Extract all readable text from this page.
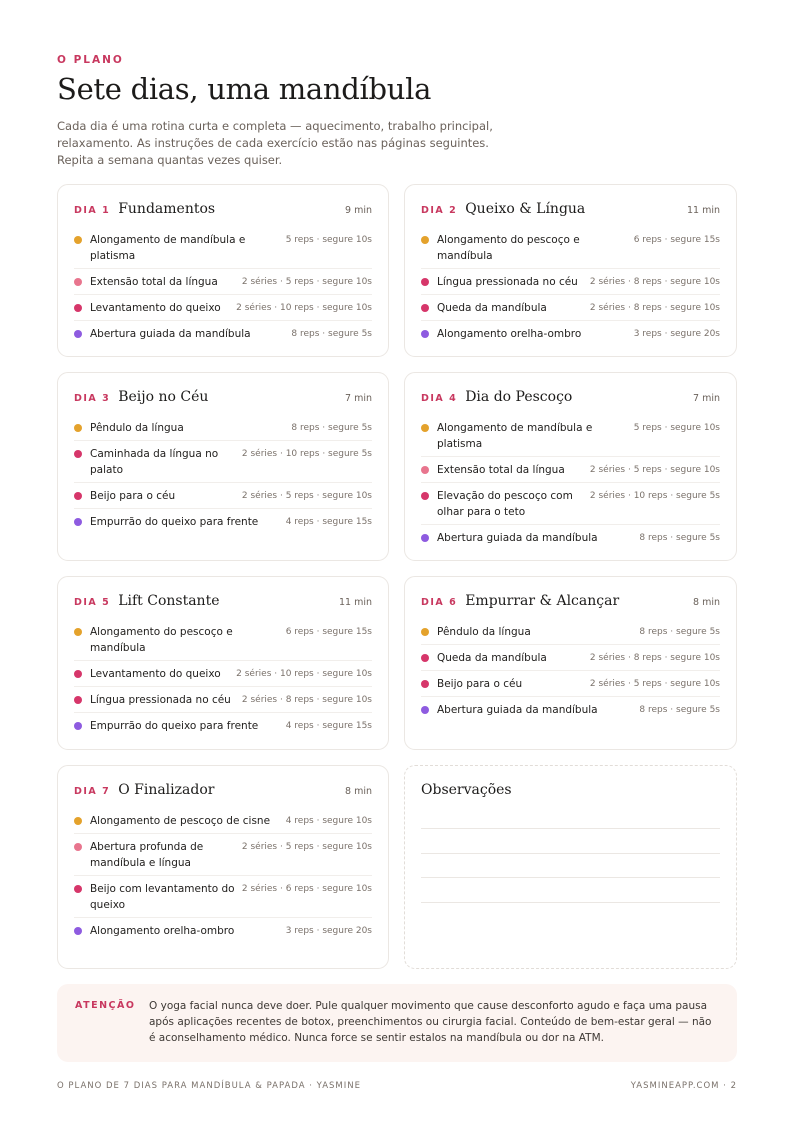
O PLANO
Sete dias, uma mandíbula

Cada dia é uma rotina curta e completa — aquecimento, trabalho principal, relaxamento. As instruções de cada exercício estão nas páginas seguintes. Repita a semana quantas vezes quiser.

DIA 1 Fundamentos	9 min
Alongamento de mandíbula e platisma
5 reps · segure 10s
Extensão total da língua	2 séries · 5 reps · segure 10s
Levantamento do queixo	2 séries · 10 reps · segure 10s
Abertura guiada da mandíbula	8 reps · segure 5s
DIA 2 Queixo & Língua	11 min
Alongamento do pescoço e mandíbula
6 reps · segure 15s
Língua pressionada no céu	2 séries · 8 reps · segure 10s
Queda da mandíbula	2 séries · 8 reps · segure 10s
Alongamento orelha-ombro	3 reps · segure 20s
DIA 3 Beijo no Céu	7 min
Pêndulo da língua	8 reps · segure 5s
Caminhada da língua no palato
2 séries · 10 reps · segure 5s
Beijo para o céu	2 séries · 5 reps · segure 10s
Empurrão do queixo para frente	4 reps · segure 15s
DIA 4 Dia do Pescoço	7 min
Alongamento de mandíbula e platisma
5 reps · segure 10s
Extensão total da língua	2 séries · 5 reps · segure 10s
Elevação do pescoço com olhar para o teto
2 séries · 10 reps · segure 5s
Abertura guiada da mandíbula	8 reps · segure 5s
DIA 5 Lift Constante	11 min
Alongamento do pescoço e mandíbula
6 reps · segure 15s
Levantamento do queixo	2 séries · 10 reps · segure 10s
Língua pressionada no céu	2 séries · 8 reps · segure 10s
Empurrão do queixo para frente	4 reps · segure 15s
DIA 6 Empurrar & Alcançar	8 min
Pêndulo da língua	8 reps · segure 5s
Queda da mandíbula	2 séries · 8 reps · segure 10s
Beijo para o céu	2 séries · 5 reps · segure 10s
Abertura guiada da mandíbula	8 reps · segure 5s
DIA 7 O Finalizador	8 min
Alongamento de pescoço de cisne	4 reps · segure 10s
Abertura profunda de mandíbula e língua
2 séries · 5 reps · segure 10s
Beijo com levantamento do queixo
2 séries · 6 reps · segure 10s
Alongamento orelha-ombro	3 reps · segure 20s
Observações
ATENÇÃO	O yoga facial nunca deve doer. Pule qualquer movimento que cause desconforto agudo e faça uma pausa após aplicações recentes de botox, preenchimentos ou cirurgia facial. Conteúdo de bem-estar geral — não é aconselhamento médico. Nunca force se sentir estalos na mandíbula ou dor na ATM.
O PLANO DE 7 DIAS PARA MANDÍBULA & PAPADA · YASMINE	YASMINEAPP.COM · 2
